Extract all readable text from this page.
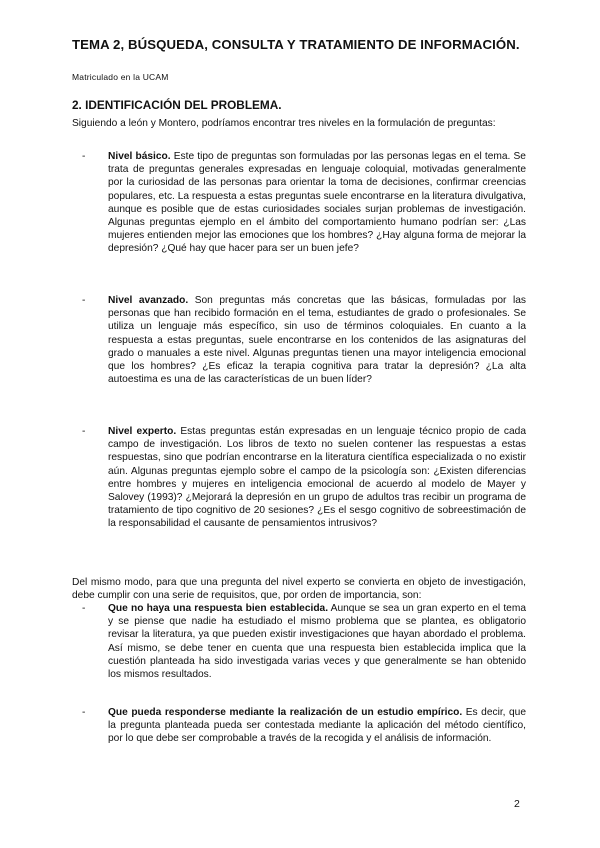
TEMA 2, BÚSQUEDA, CONSULTA Y TRATAMIENTO DE INFORMACIÓN.
Matriculado en la UCAM
2. IDENTIFICACIÓN DEL PROBLEMA.
Siguiendo a león y Montero, podríamos encontrar tres niveles en la formulación de preguntas:
-	Nivel básico. Este tipo de preguntas son formuladas por las personas legas en el tema. Se trata de preguntas generales expresadas en lenguaje coloquial, motivadas generalmente por la curiosidad de las personas para orientar la toma de decisiones, confirmar creencias populares, etc. La respuesta a estas preguntas suele encontrarse en la literatura divulgativa, aunque es posible que de estas curiosidades sociales surjan problemas de investigación. Algunas preguntas ejemplo en el ámbito del comportamiento humano podrían ser: ¿Las mujeres entienden mejor las emociones que los hombres? ¿Hay alguna forma de mejorar la depresión? ¿Qué hay que hacer para ser un buen jefe?
-	Nivel avanzado. Son preguntas más concretas que las básicas, formuladas por las personas que han recibido formación en el tema, estudiantes de grado o profesionales. Se utiliza un lenguaje más específico, sin uso de términos coloquiales. En cuanto a la respuesta a estas preguntas, suele encontrarse en los contenidos de las asignaturas del grado o manuales a este nivel. Algunas preguntas tienen una mayor inteligencia emocional que los hombres? ¿Es eficaz la terapia cognitiva para tratar la depresión? ¿La alta autoestima es una de las características de un buen líder?
-	Nivel experto. Estas preguntas están expresadas en un lenguaje técnico propio de cada campo de investigación. Los libros de texto no suelen contener las respuestas a estas respuestas, sino que podrían encontrarse en la literatura científica especializada o no existir aún. Algunas preguntas ejemplo sobre el campo de la psicología son: ¿Existen diferencias entre hombres y mujeres en inteligencia emocional de acuerdo al modelo de Mayer y Salovey (1993)? ¿Mejorará la depresión en un grupo de adultos tras recibir un programa de tratamiento de tipo cognitivo de 20 sesiones? ¿Es el sesgo cognitivo de sobreestimación de la responsabilidad el causante de pensamientos intrusivos?
Del mismo modo, para que una pregunta del nivel experto se convierta en objeto de investigación, debe cumplir con una serie de requisitos, que, por orden de importancia, son:
-	Que no haya una respuesta bien establecida. Aunque se sea un gran experto en el tema y se piense que nadie ha estudiado el mismo problema que se plantea, es obligatorio revisar la literatura, ya que pueden existir investigaciones que hayan abordado el problema. Así mismo, se debe tener en cuenta que una respuesta bien establecida implica que la cuestión planteada ha sido investigada varias veces y que generalmente se han obtenido los mismos resultados.
-	Que pueda responderse mediante la realización de un estudio empírico. Es decir, que la pregunta planteada pueda ser contestada mediante la aplicación del método científico, por lo que debe ser comprobable a través de la recogida y el análisis de información.
2
